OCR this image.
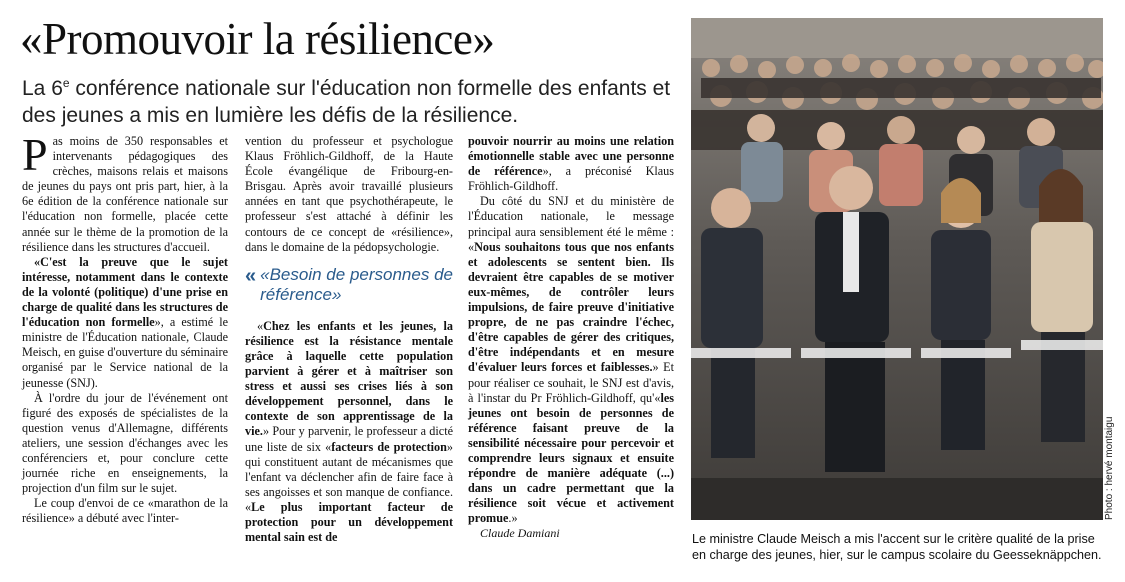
«Promouvoir la résilience»
La 6e conférence nationale sur l'éducation non formelle des enfants et des jeunes a mis en lumière les défis de la résilience.

Pas moins de 350 responsables et intervenants pédagogiques des crèches, maisons relais et maisons de jeunes du pays ont pris part, hier, à la 6e édition de la conférence nationale sur l'éducation non formelle, placée cette année sur le thème de la promotion de la résilience dans les structures d'accueil.

«C'est la preuve que le sujet intéresse, notamment dans le contexte de la volonté (politique) d'une prise en charge de qualité dans les structures de l'éducation non formelle», a estimé le ministre de l'Éducation nationale, Claude Meisch, en guise d'ouverture du séminaire organisé par le Service national de la jeunesse (SNJ).

À l'ordre du jour de l'événement ont figuré des exposés de spécialistes de la question venus d'Allemagne, différents ateliers, une session d'échanges avec les conférenciers et, pour conclure cette journée riche en enseignements, la projection d'un film sur le sujet.

Le coup d'envoi de ce «marathon de la résilience» a débuté avec l'inter-

vention du professeur et psychologue Klaus Fröhlich-Gildhoff, de la Haute École évangélique de Fribourg-en-Brisgau. Après avoir travaillé plusieurs années en tant que psychothérapeute, le professeur s'est attaché à définir les contours de ce concept de «résilience», dans le domaine de la pédopsychologie.

« «Besoin de personnes de référence»

«Chez les enfants et les jeunes, la résilience est la résistance mentale grâce à laquelle cette population parvient à gérer et à maîtriser son stress et aussi ses crises liés à son développement personnel, dans le contexte de son apprentissage de la vie.» Pour y parvenir, le professeur a dicté une liste de six «facteurs de protection» qui constituent autant de mécanismes que l'enfant va déclencher afin de faire face à ses angoisses et son manque de confiance. «Le plus important facteur de protection pour un développement mental sain est de

pouvoir nourrir au moins une relation émotionnelle stable avec une personne de référence», a préconisé Klaus Fröhlich-Gildhoff.

Du côté du SNJ et du ministère de l'Éducation nationale, le message principal aura sensiblement été le même : «Nous souhaitons tous que nos enfants et adolescents se sentent bien. Ils devraient être capables de se motiver eux-mêmes, de contrôler leurs impulsions, de faire preuve d'initiative propre, de ne pas craindre l'échec, d'être capables de gérer des critiques, d'être indépendants et en mesure d'évaluer leurs forces et faiblesses.» Et pour réaliser ce souhait, le SNJ est d'avis, à l'instar du Pr Fröhlich-Gildhoff, qu'«les jeunes ont besoin de personnes de référence faisant preuve de la sensibilité nécessaire pour percevoir et comprendre leurs signaux et ensuite répondre de manière adéquate (...) dans un cadre permettant que la résilience soit vécue et activement promue.»

Claude Damiani

Photo : hervé montaigu
Le ministre Claude Meisch a mis l'accent sur le critère qualité de la prise en charge des jeunes, hier, sur le campus scolaire du Geesseknäppchen.
